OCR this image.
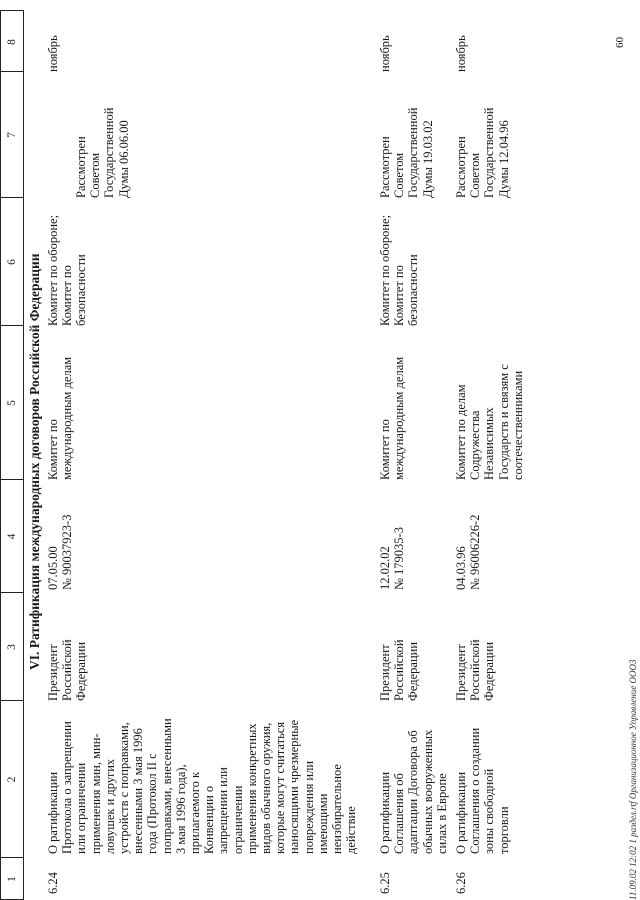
1
2
3
4
5
6
7
8
VI. Ратификация международных договоров Российской Федерации
6.24
О ратификации
Протокола о запрещении
или ограничении
применения мин, мин-
ловушек и других
устройств с поправками,
внесенными 3 мая 1996
года (Протокол II с
поправками, внесенными
3 мая 1996 года),
прилагаемого к
Конвенции о
запрещении или
ограничении
применения конкретных
видов обычного оружия,
которые могут считаться
наносящими чрезмерные
повреждения или
имеющими
неизбирательное
действие
Президент Российской
Федерации
07.05.00
№ 90037923-3
Комитет по
международным делам
Комитет по обороне;
Комитет по
безопасности
Рассмотрен
Советом
Государственной
Думы 06.06.00
ноябрь
6.25
О ратификации
Соглашения об
адаптации Договора об
обычных вооруженных
силах в Европе
Президент Российской
Федерации
12.02.02
№ 179035-3
Комитет по
международным делам
Комитет по обороне;
Комитет по
безопасности
Рассмотрен
Советом
Государственной
Думы 19.03.02
ноябрь
6.26
О ратификации
Соглашения о создании
зоны свободной
торговли
Президент Российской
Федерации
04.03.96
№ 96006226-2
Комитет по делам
Содружества
Независимых
Государств и связям с
соотечественниками
Рассмотрен
Советом
Государственной
Думы 12.04.96
ноябрь
11.09.02 12:02 1 раздел.rtf Организационное Управление ООО3
60
